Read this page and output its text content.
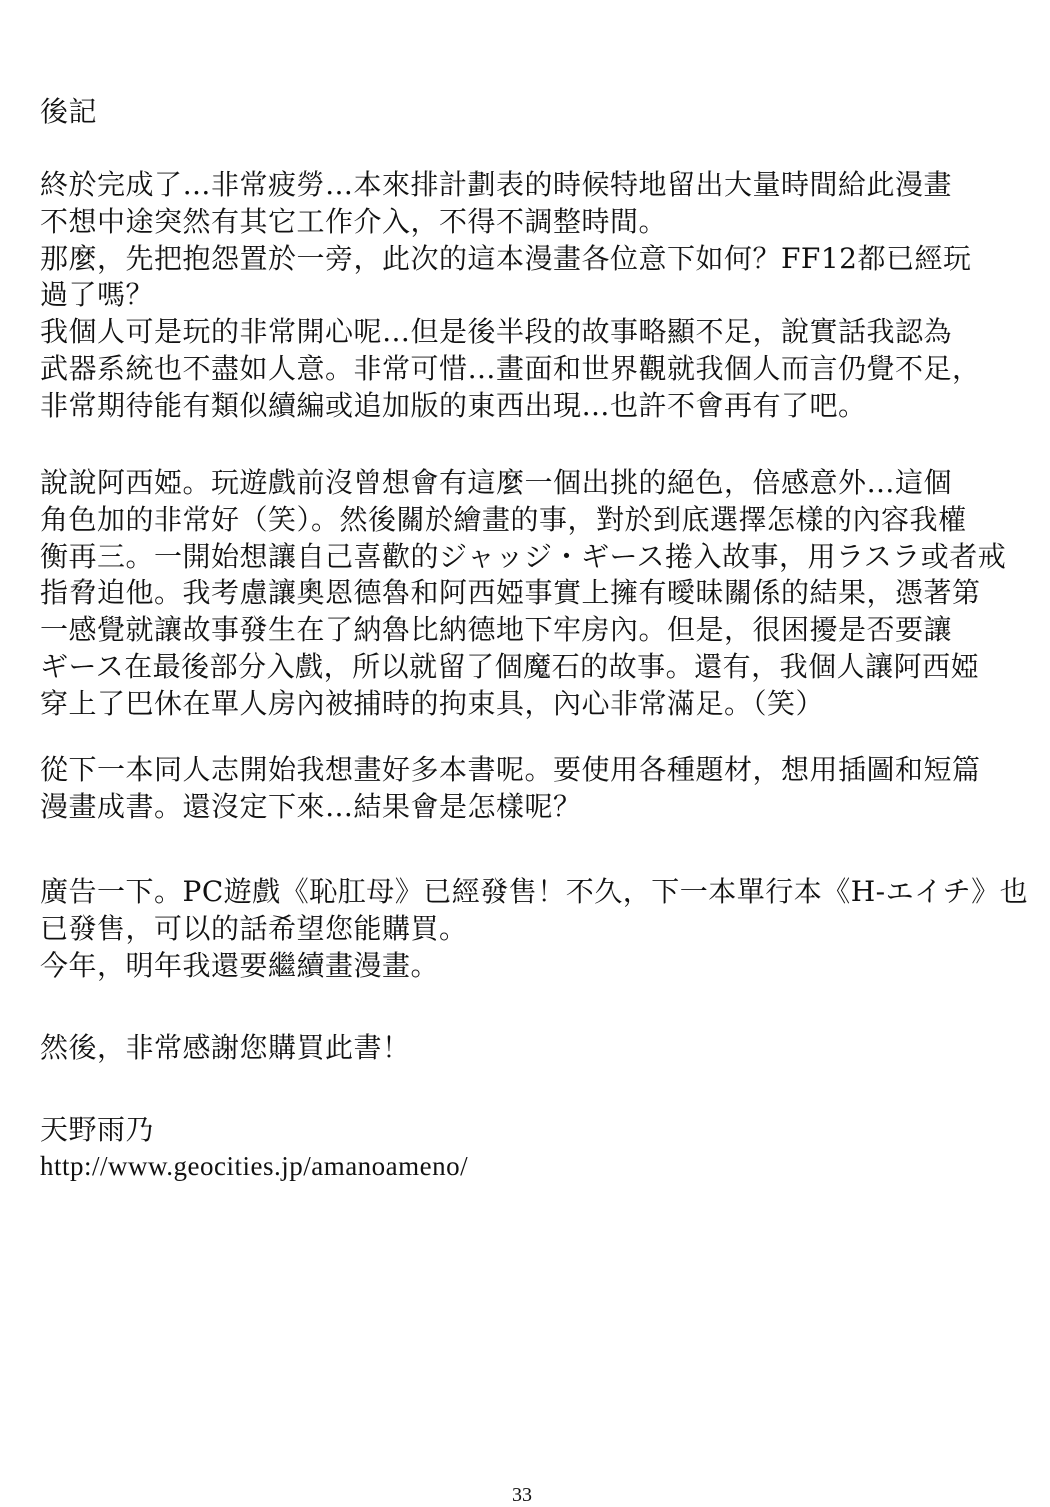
後記
終於完成了…非常疲勞…本來排計劃表的時候特地留出大量時間給此漫畫
不想中途突然有其它工作介入，不得不調整時間。
那麼，先把抱怨置於一旁，此次的這本漫畫各位意下如何？FF12都已經玩
過了嗎？
我個人可是玩的非常開心呢…但是後半段的故事略顯不足，說實話我認為
武器系統也不盡如人意。非常可惜…畫面和世界觀就我個人而言仍覺不足，
非常期待能有類似續編或追加版的東西出現…也許不會再有了吧。
說說阿西婭。玩遊戲前沒曾想會有這麼一個出挑的絕色，倍感意外…這個
角色加的非常好（笑）。然後關於繪畫的事，對於到底選擇怎樣的內容我權
衡再三。一開始想讓自己喜歡的ジャッジ・ギース捲入故事，用ラスラ或者戒
指脅迫他。我考慮讓奧恩德魯和阿西婭事實上擁有曖昧關係的結果，憑著第
一感覺就讓故事發生在了納魯比納德地下牢房內。但是，很困擾是否要讓
ギース在最後部分入戲，所以就留了個魔石的故事。還有，我個人讓阿西婭
穿上了巴休在單人房內被捕時的拘束具，內心非常滿足。（笑）
從下一本同人志開始我想畫好多本書呢。要使用各種題材，想用插圖和短篇
漫畫成書。還沒定下來…結果會是怎樣呢？
廣告一下。PC遊戲《恥肛母》已經發售！不久，下一本單行本《H-エイチ》也
已發售，可以的話希望您能購買。
今年，明年我還要繼續畫漫畫。
然後，非常感謝您購買此書！
天野雨乃
http://www.geocities.jp/amanoameno/
33
